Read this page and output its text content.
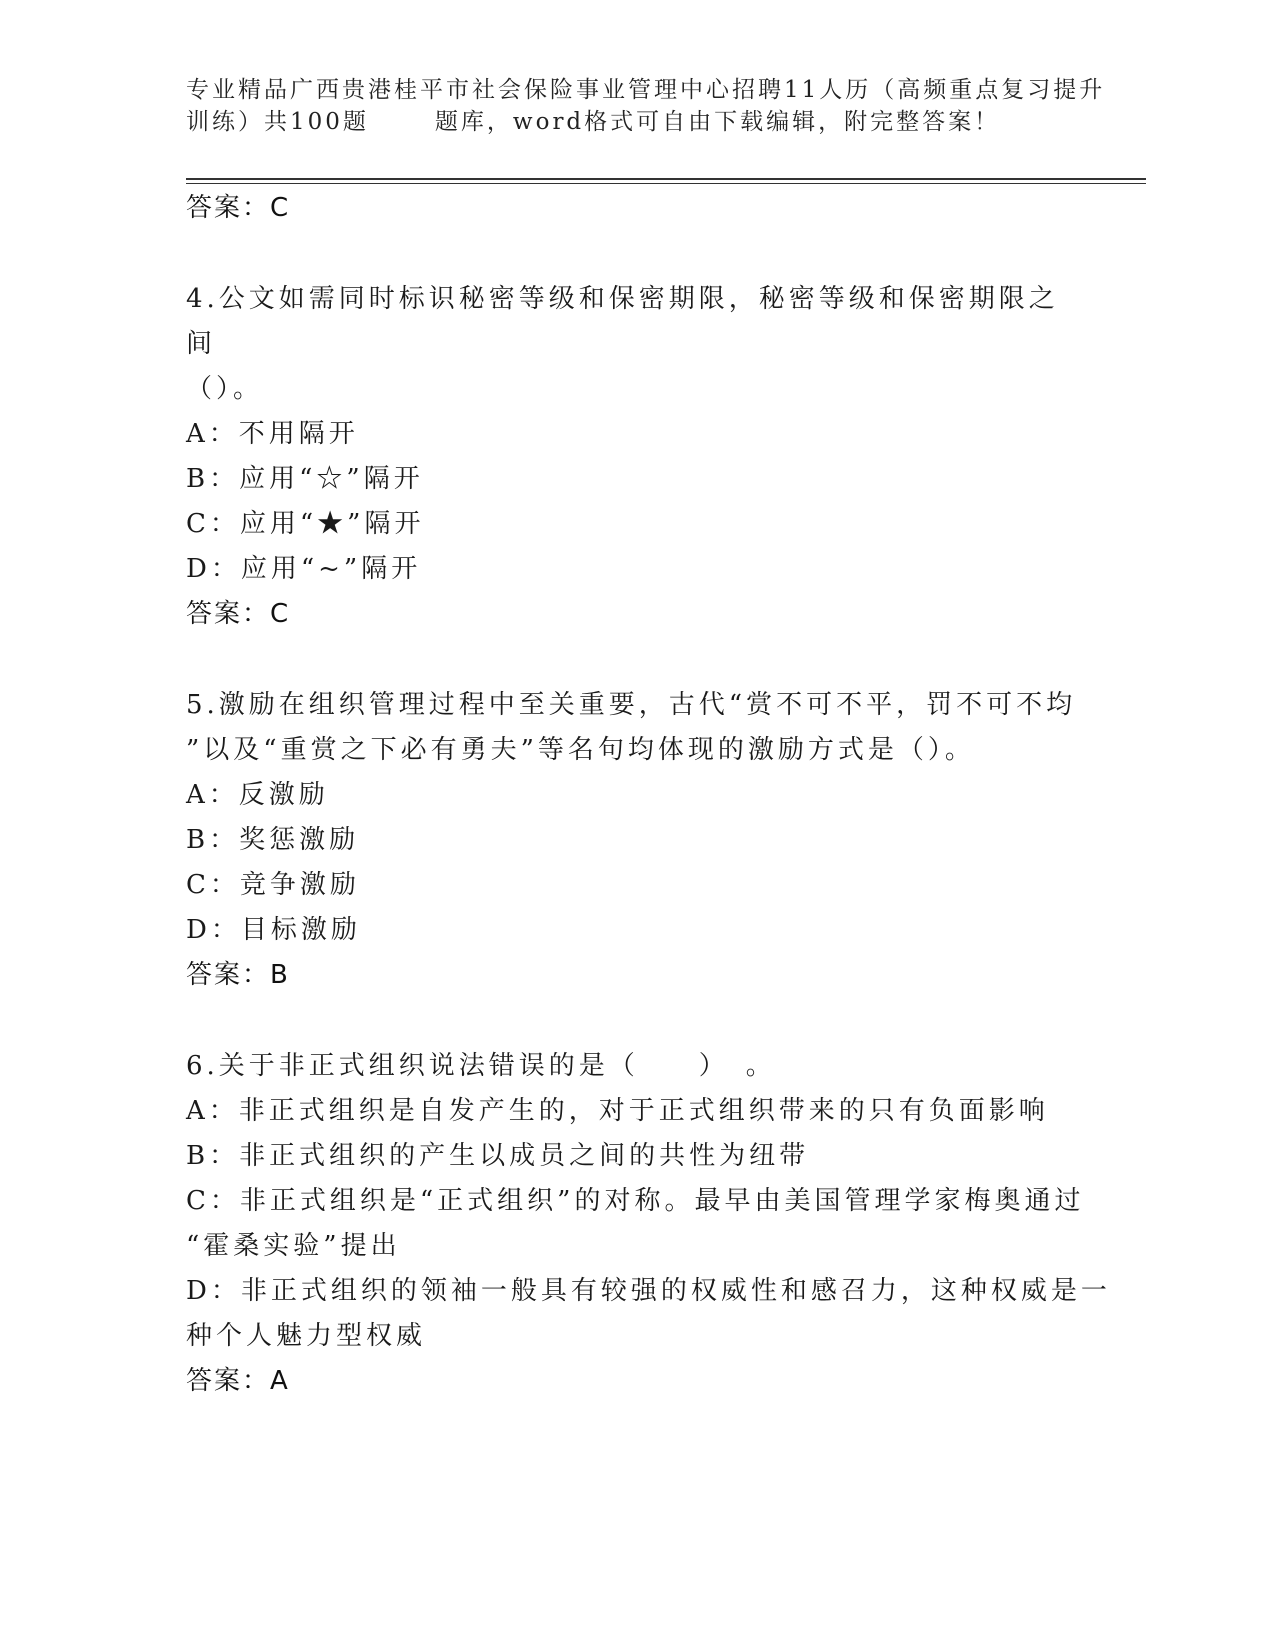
专业精品广西贵港桂平市社会保险事业管理中心招聘11人历（高频重点复习提升
训练）共100题	题库，word格式可自由下载编辑，附完整答案！
答案：C
4.公文如需同时标识秘密等级和保密期限，秘密等级和保密期限之间
（）。
A：不用隔开
B：应用“☆”隔开
C：应用“★”隔开
D：应用“~”隔开
答案：C
5.激励在组织管理过程中至关重要，古代“赏不可不平，罚不可不均
”以及“重赏之下必有勇夫”等名句均体现的激励方式是（）。
A：反激励
B：奖惩激励
C：竞争激励
D：目标激励
答案：B
6.关于非正式组织说法错误的是（　　）　。
A：非正式组织是自发产生的，对于正式组织带来的只有负面影响
B：非正式组织的产生以成员之间的共性为纽带
C：非正式组织是“正式组织”的对称。最早由美国管理学家梅奥通过
“霍桑实验”提出
D：非正式组织的领袖一般具有较强的权威性和感召力，这种权威是一
种个人魅力型权威
答案：A
